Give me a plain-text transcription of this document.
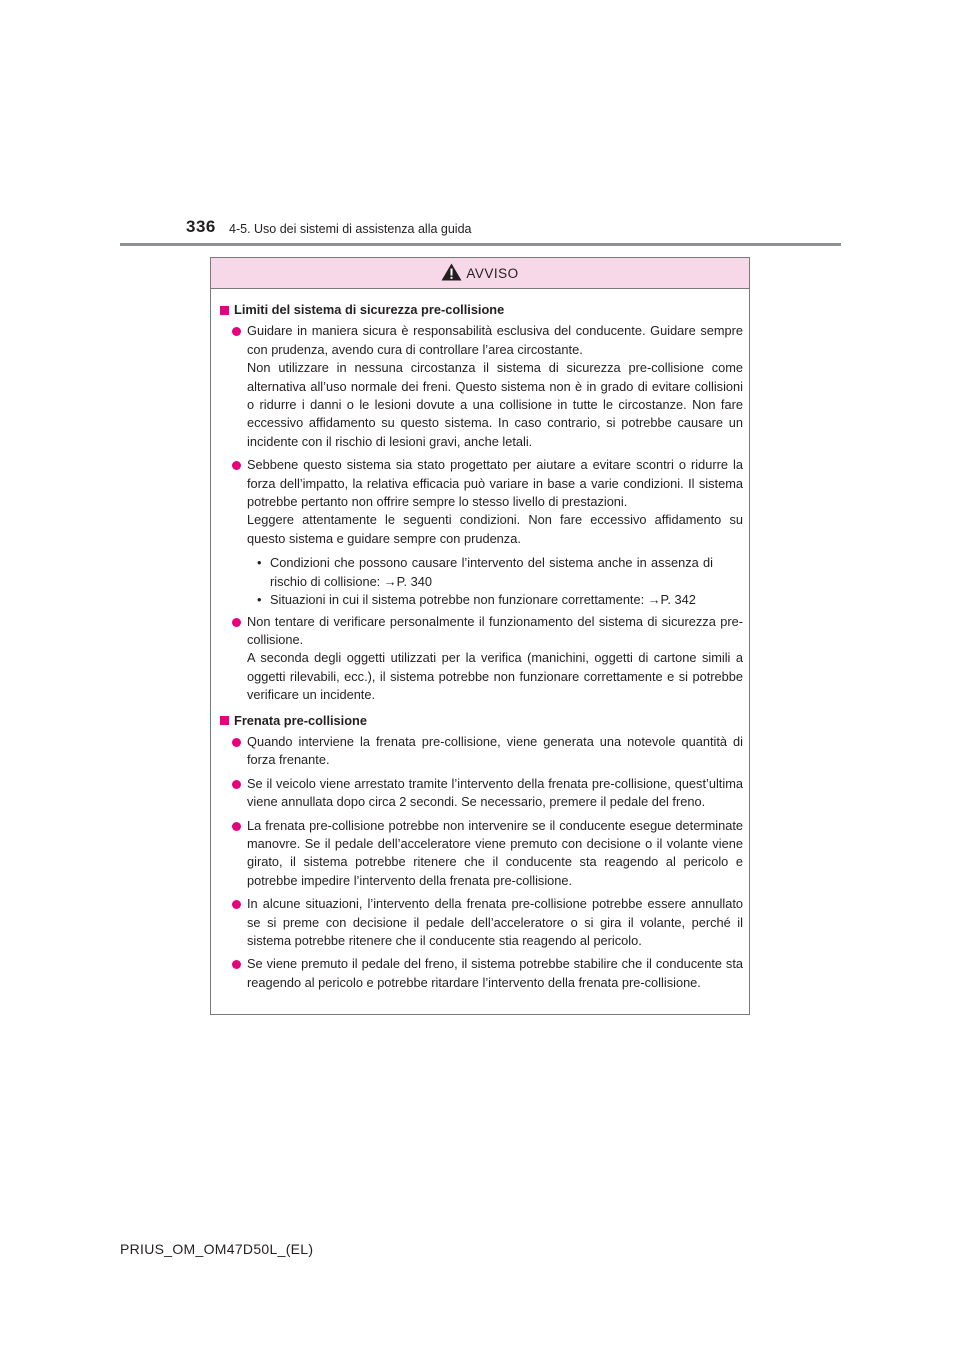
336 4-5. Uso dei sistemi di assistenza alla guida
AVVISO
Limiti del sistema di sicurezza pre-collisione

Guidare in maniera sicura è responsabilità esclusiva del conducente. Guidare sempre con prudenza, avendo cura di controllare l’area circostante.

Non utilizzare in nessuna circostanza il sistema di sicurezza pre-collisione come alternativa all’uso normale dei freni. Questo sistema non è in grado di evitare collisioni o ridurre i danni o le lesioni dovute a una collisione in tutte le circostanze. Non fare eccessivo affidamento su questo sistema. In caso contrario, si potrebbe causare un incidente con il rischio di lesioni gravi, anche letali.

Sebbene questo sistema sia stato progettato per aiutare a evitare scontri o ridurre la forza dell’impatto, la relativa efficacia può variare in base a varie condizioni. Il sistema potrebbe pertanto non offrire sempre lo stesso livello di prestazioni.

Leggere attentamente le seguenti condizioni. Non fare eccessivo affidamento su questo sistema e guidare sempre con prudenza.

• Condizioni che possono causare l’intervento del sistema anche in assenza di rischio di collisione: →P. 340
• Situazioni in cui il sistema potrebbe non funzionare correttamente: →P. 342

Non tentare di verificare personalmente il funzionamento del sistema di sicurezza pre-collisione.

A seconda degli oggetti utilizzati per la verifica (manichini, oggetti di cartone simili a oggetti rilevabili, ecc.), il sistema potrebbe non funzionare correttamente e si potrebbe verificare un incidente.

Frenata pre-collisione

Quando interviene la frenata pre-collisione, viene generata una notevole quantità di forza frenante.

Se il veicolo viene arrestato tramite l’intervento della frenata pre-collisione, quest’ultima viene annullata dopo circa 2 secondi. Se necessario, premere il pedale del freno.

La frenata pre-collisione potrebbe non intervenire se il conducente esegue determinate manovre. Se il pedale dell’acceleratore viene premuto con decisione o il volante viene girato, il sistema potrebbe ritenere che il conducente sta reagendo al pericolo e potrebbe impedire l’intervento della frenata pre-collisione.

In alcune situazioni, l’intervento della frenata pre-collisione potrebbe essere annullato se si preme con decisione il pedale dell’acceleratore o si gira il volante, perché il sistema potrebbe ritenere che il conducente stia reagendo al pericolo.

Se viene premuto il pedale del freno, il sistema potrebbe stabilire che il conducente sta reagendo al pericolo e potrebbe ritardare l’intervento della frenata pre-collisione.

PRIUS_OM_OM47D50L_(EL)
